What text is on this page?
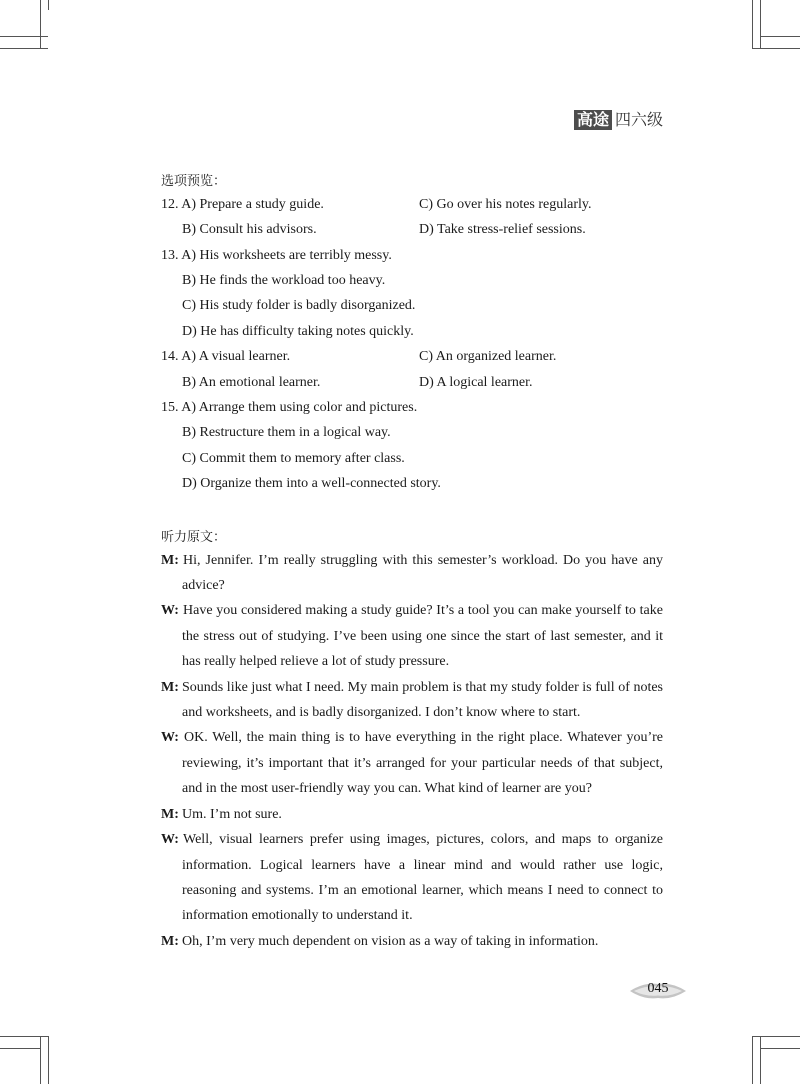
高途 四六级
选项预览：
12. A) Prepare a study guide.	C) Go over his notes regularly.
B) Consult his advisors.	D) Take stress-relief sessions.
13. A) His worksheets are terribly messy.
B) He finds the workload too heavy.
C) His study folder is badly disorganized.
D) He has difficulty taking notes quickly.
14. A) A visual learner.	C) An organized learner.
B) An emotional learner.	D) A logical learner.
15. A) Arrange them using color and pictures.
B) Restructure them in a logical way.
C) Commit them to memory after class.
D) Organize them into a well-connected story.
听力原文：
M: Hi, Jennifer. I’m really struggling with this semester’s workload. Do you have any
advice?
W: Have you considered making a study guide? It’s a tool you can make yourself to take
the stress out of studying. I’ve been using one since the start of last semester, and it
has really helped relieve a lot of study pressure.
M: Sounds like just what I need. My main problem is that my study folder is full of notes
and worksheets, and is badly disorganized. I don’t know where to start.
W: OK. Well, the main thing is to have everything in the right place. Whatever you’re
reviewing, it’s important that it’s arranged for your particular needs of that subject,
and in the most user-friendly way you can. What kind of learner are you?
M: Um. I’m not sure.
W: Well, visual learners prefer using images, pictures, colors, and maps to organize
information. Logical learners have a linear mind and would rather use logic,
reasoning and systems. I’m an emotional learner, which means I need to connect to
information emotionally to understand it.
M: Oh, I’m very much dependent on vision as a way of taking in information.
045
